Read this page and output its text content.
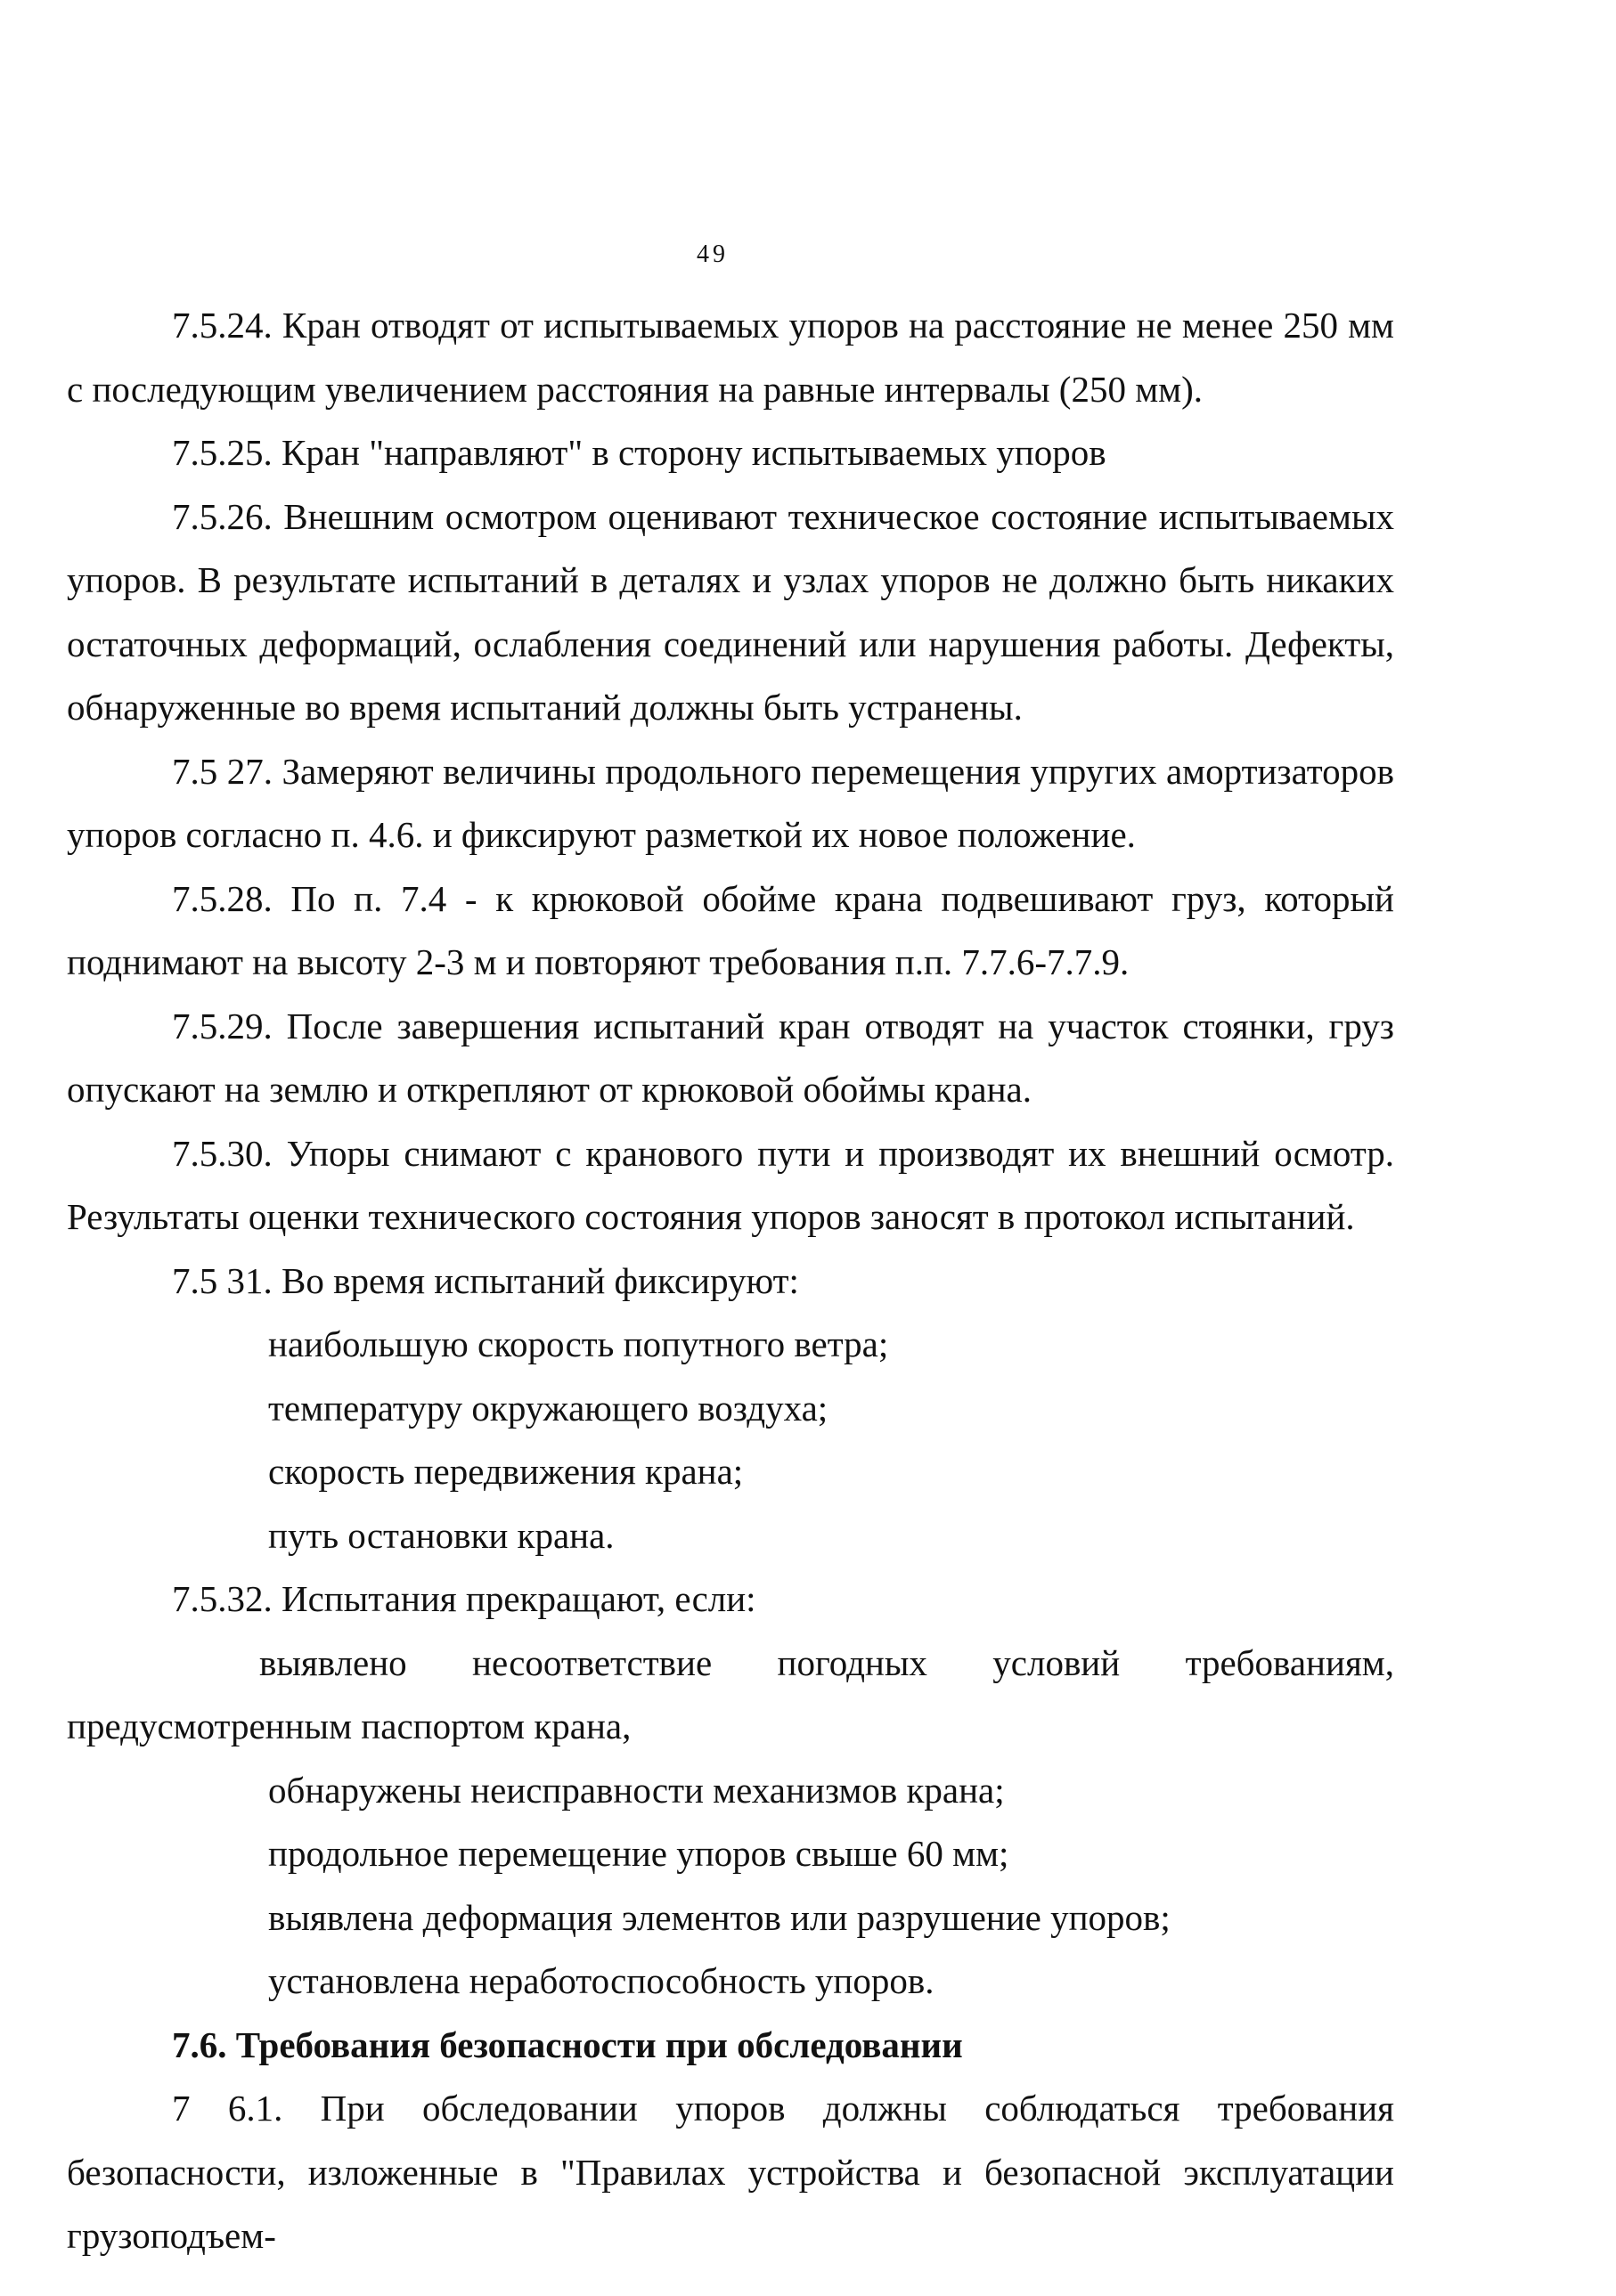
49

7.5.24. Кран отводят от испытываемых упоров на расстояние не менее 250 мм с последующим увеличением расстояния на равные интервалы (250 мм).

7.5.25. Кран "направляют" в сторону испытываемых упоров

7.5.26. Внешним осмотром оценивают техническое состояние испытываемых упоров. В результате испытаний в деталях и узлах упоров не должно быть никаких остаточных деформаций, ослабления соединений или нарушения работы. Дефекты, обнаруженные во время испытаний должны быть устранены.

7.5 27. Замеряют величины продольного перемещения упругих амортизаторов упоров согласно п. 4.6. и фиксируют разметкой их новое положение.

7.5.28. По п. 7.4 - к крюковой обойме крана подвешивают груз, который поднимают на высоту 2-3 м и повторяют требования п.п. 7.7.6-7.7.9.

7.5.29. После завершения испытаний кран отводят на участок стоянки, груз опускают на землю и открепляют от крюковой обоймы крана.

7.5.30. Упоры снимают с кранового пути и производят их внешний осмотр. Результаты оценки технического состояния упоров заносят в протокол испытаний.

7.5 31. Во время испытаний фиксируют:

наибольшую скорость попутного ветра;

температуру окружающего воздуха;

скорость передвижения крана;

путь остановки крана.

7.5.32. Испытания прекращают, если:

выявлено несоответствие погодных условий требованиям, предусмотренным паспортом крана,

обнаружены неисправности механизмов крана;

продольное перемещение упоров свыше 60 мм;

выявлена деформация элементов или разрушение упоров;

установлена неработоспособность упоров.

7.6. Требования безопасности при обследовании

7 6.1. При обследовании упоров должны соблюдаться требования безопасности, изложенные в "Правилах устройства и безопасной эксплуатации грузоподъем-
